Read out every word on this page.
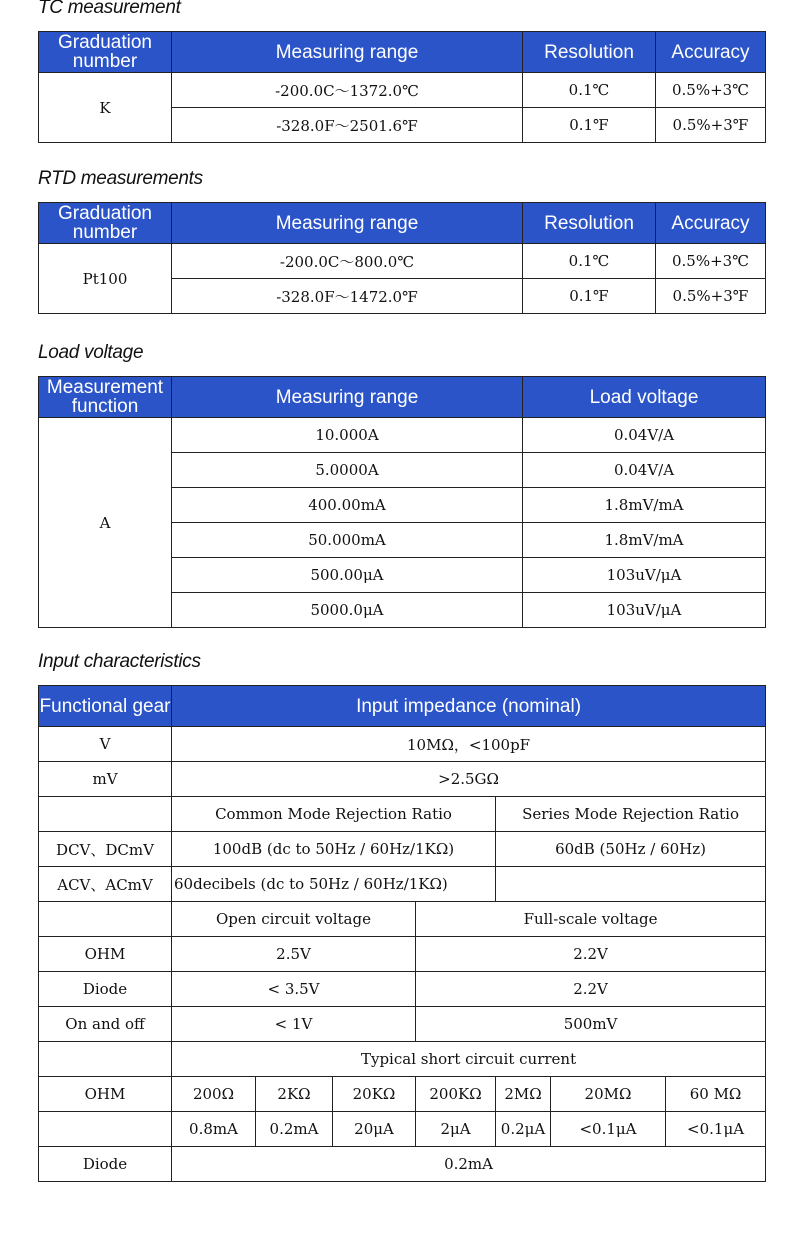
TC measurement
Graduation number	Measuring range	Resolution	Accuracy
K	-200.0C～1372.0℃	0.1℃	0.5%+3℃
	-328.0F～2501.6℉	0.1℉	0.5%+3℉
RTD measurements
Graduation number	Measuring range	Resolution	Accuracy
Pt100	-200.0C～800.0℃	0.1℃	0.5%+3℃
	-328.0F～1472.0℉	0.1℉	0.5%+3℉
Load voltage
Measurement function	Measuring range	Load voltage
A	10.000A	0.04V/A
	5.0000A	0.04V/A
	400.00mA	1.8mV/mA
	50.000mA	1.8mV/mA
	500.00μA	103uV/μA
	5000.0μA	103uV/μA
Input characteristics
Functional gear	Input impedance (nominal)						
V	10MΩ，<100pF						
mV	>2.5GΩ						
	Common Mode Rejection Ratio				Series Mode Rejection Ratio		
DCV、DCmV	100dB (dc to 50Hz / 60Hz/1KΩ)				60dB (50Hz / 60Hz)		
ACV、ACmV	60decibels (dc to 50Hz / 60Hz/1KΩ)						
	Open circuit voltage			Full-scale voltage			
OHM	2.5V			2.2V			
Diode	< 3.5V			2.2V			
On and off	< 1V			500mV			
	Typical short circuit current						
OHM	200Ω	2KΩ	20KΩ	200KΩ	2MΩ	20MΩ	60 MΩ
	0.8mA	0.2mA	20μA	2μA	0.2μA	<0.1μA	<0.1μA
Diode	0.2mA						
